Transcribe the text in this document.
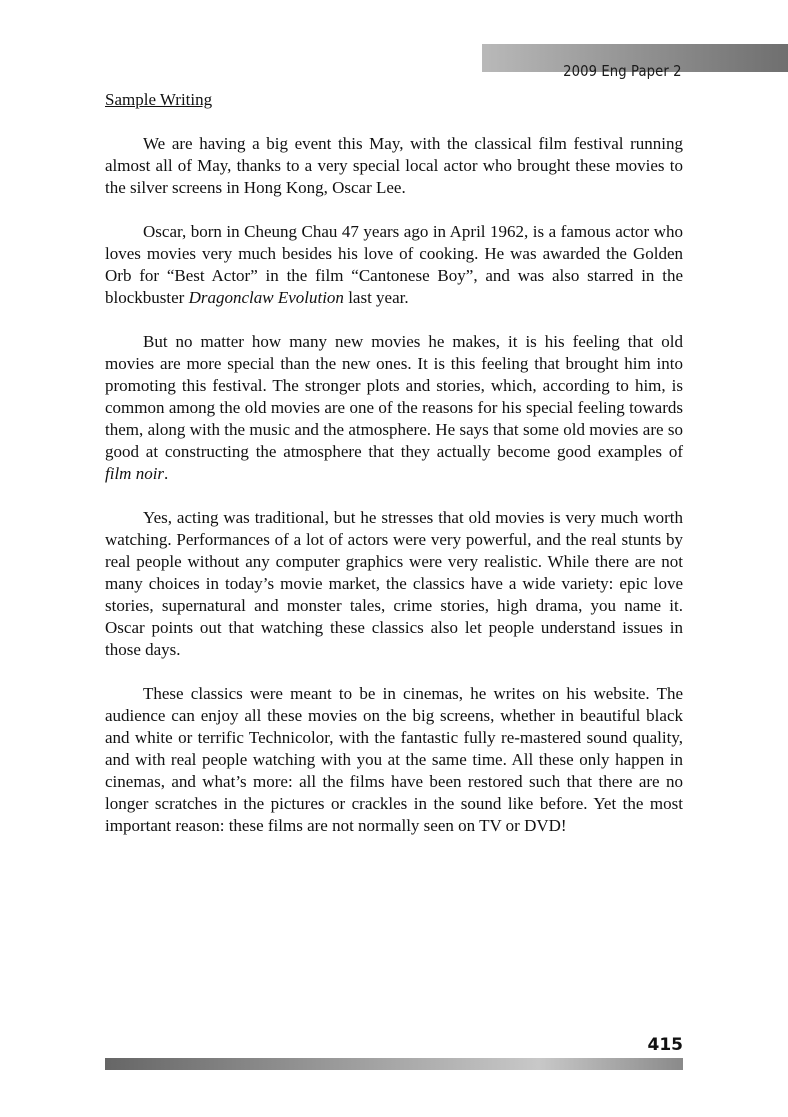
2009 Eng Paper 2
Sample Writing

We are having a big event this May, with the classical film festival running almost all of May, thanks to a very special local actor who brought these movies to the silver screens in Hong Kong, Oscar Lee.

Oscar, born in Cheung Chau 47 years ago in April 1962, is a famous actor who loves movies very much besides his love of cooking. He was awarded the Golden Orb for “Best Actor” in the film “Cantonese Boy”, and was also starred in the blockbuster Dragonclaw Evolution last year.

But no matter how many new movies he makes, it is his feeling that old movies are more special than the new ones. It is this feeling that brought him into promoting this festival. The stronger plots and stories, which, according to him, is common among the old movies are one of the reasons for his special feeling towards them, along with the music and the atmosphere. He says that some old movies are so good at constructing the atmosphere that they actually become good examples of film noir.

Yes, acting was traditional, but he stresses that old movies is very much worth watching. Performances of a lot of actors were very powerful, and the real stunts by real people without any computer graphics were very realistic. While there are not many choices in today’s movie market, the classics have a wide variety: epic love stories, supernatural and monster tales, crime stories, high drama, you name it. Oscar points out that watching these classics also let people understand issues in those days.

These classics were meant to be in cinemas, he writes on his website. The audience can enjoy all these movies on the big screens, whether in beautiful black and white or terrific Technicolor, with the fantastic fully re-mastered sound quality, and with real people watching with you at the same time. All these only happen in cinemas, and what’s more: all the films have been restored such that there are no longer scratches in the pictures or crackles in the sound like before. Yet the most important reason: these films are not normally seen on TV or DVD!

415
